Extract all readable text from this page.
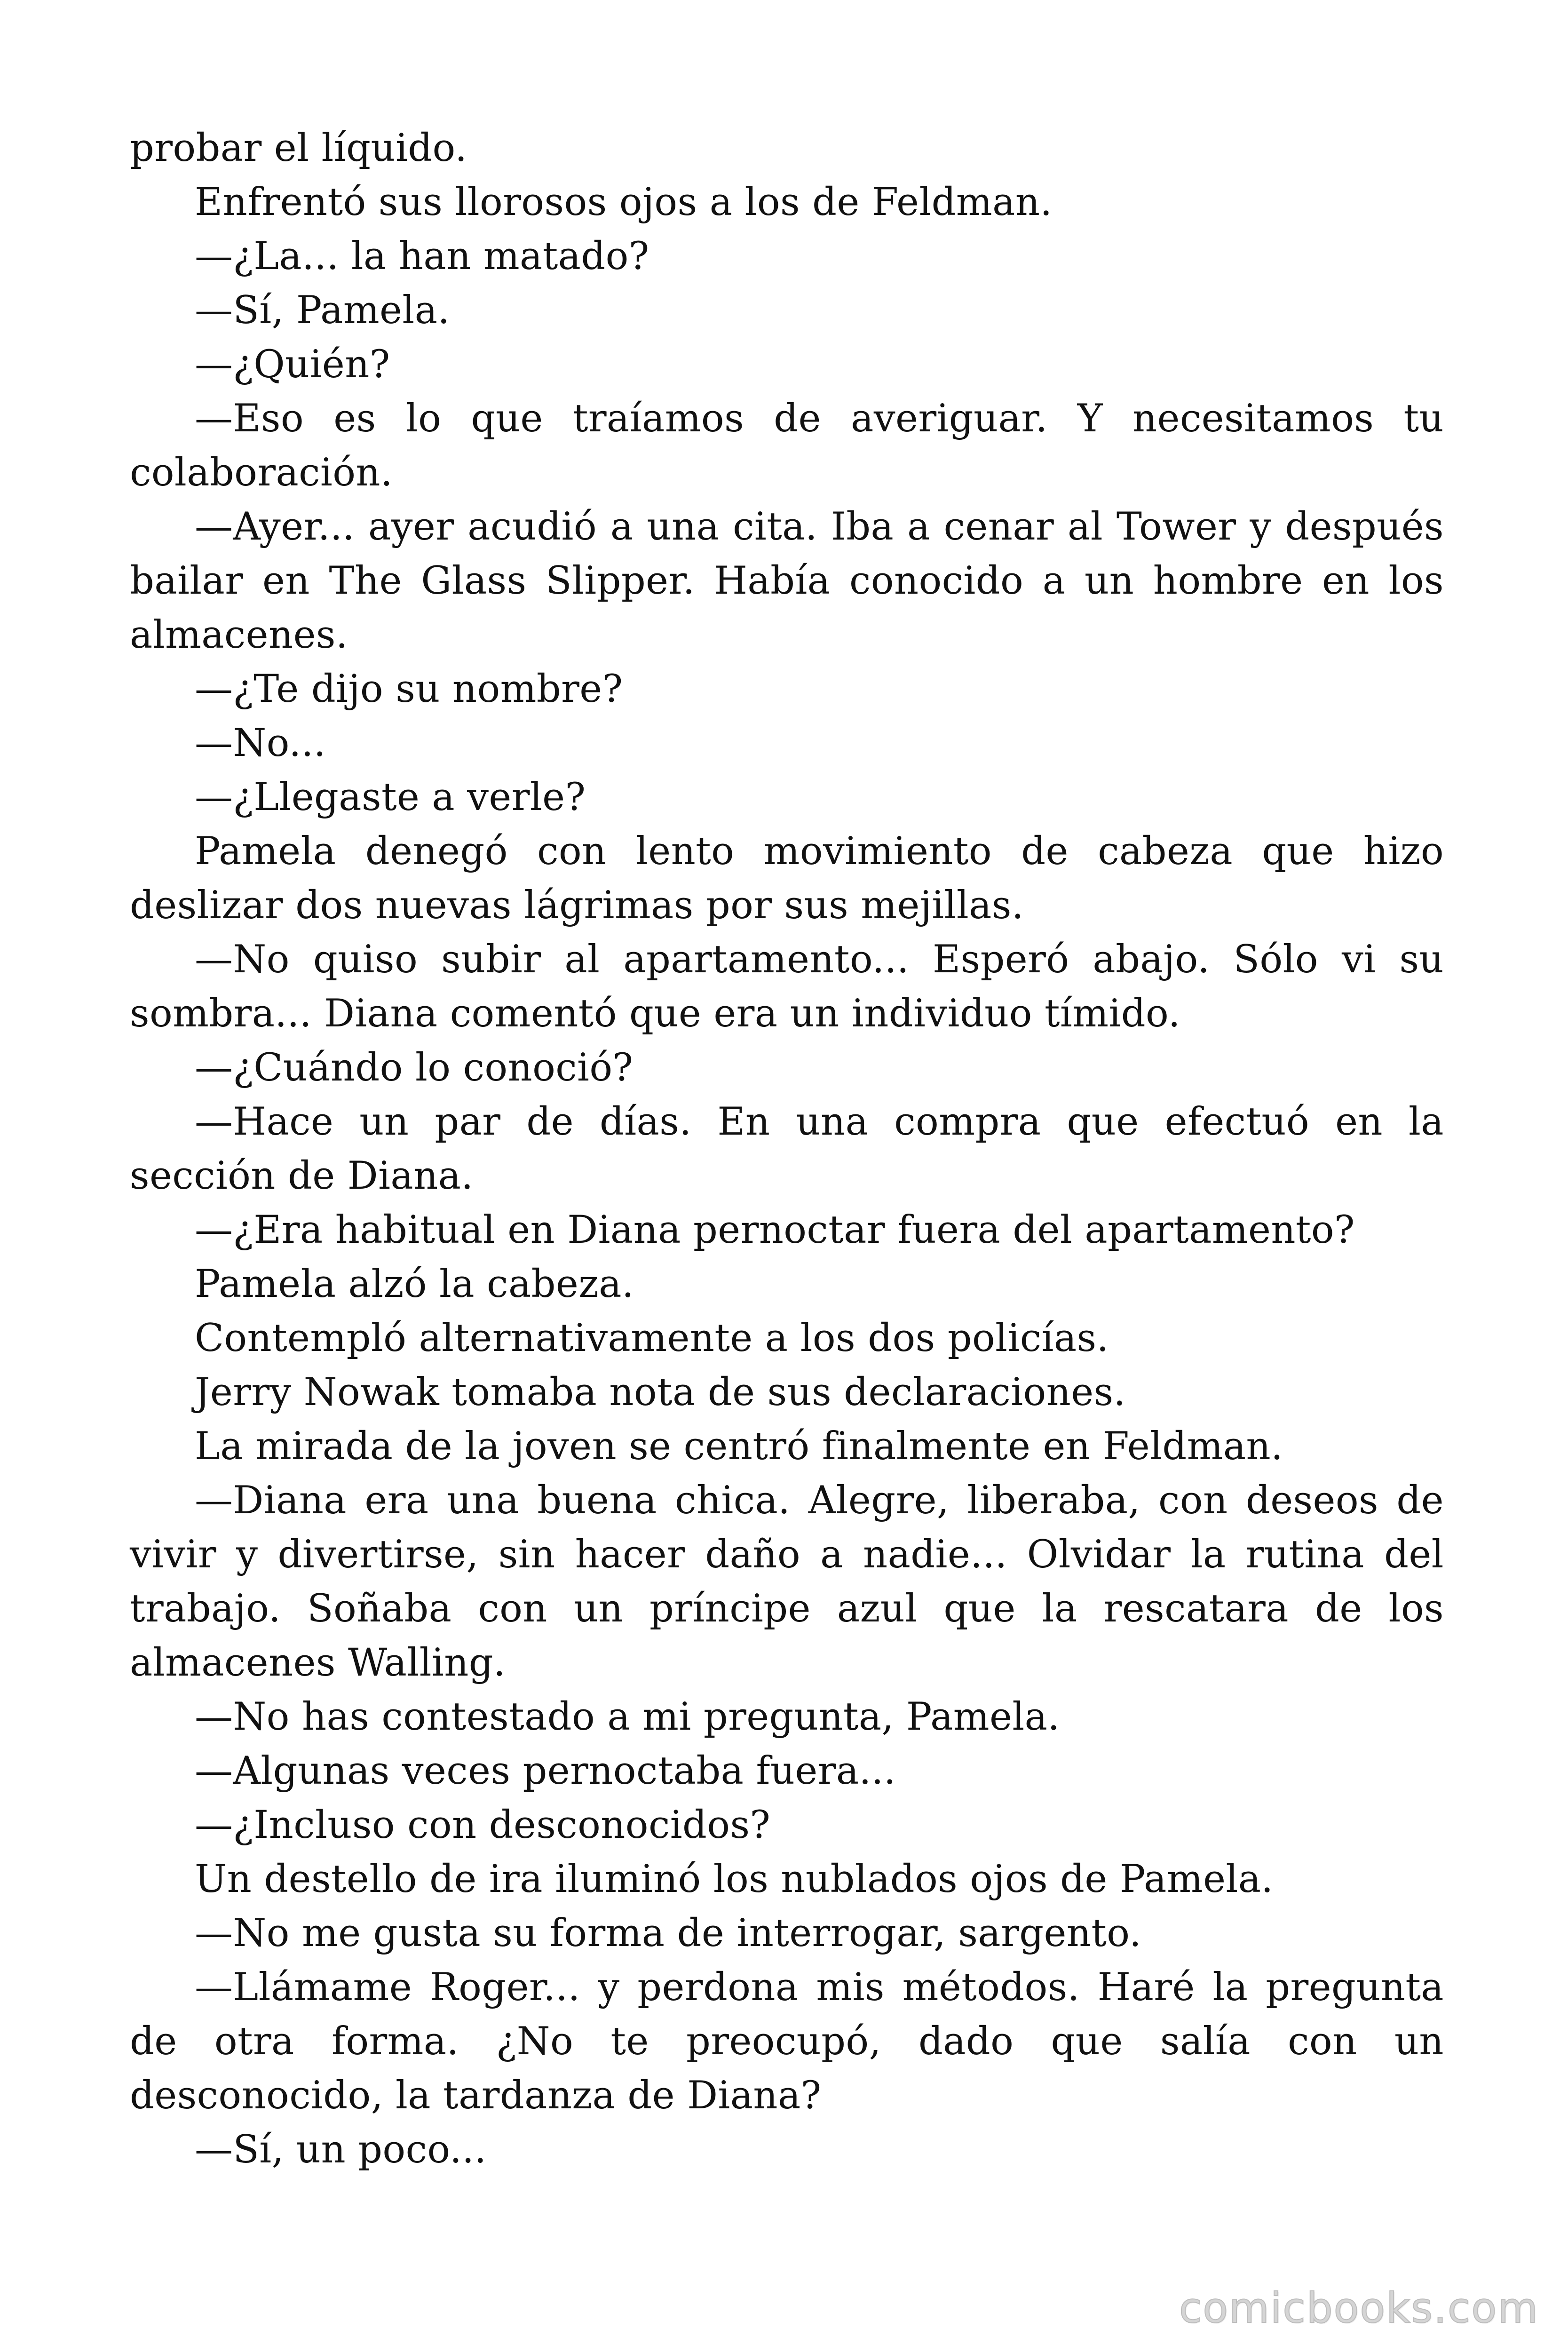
probar el líquido.

Enfrentó sus llorosos ojos a los de Feldman.

—¿La... la han matado?

—Sí, Pamela.

—¿Quién?

—Eso es lo que traíamos de averiguar. Y necesitamos tu colaboración.

—Ayer... ayer acudió a una cita. Iba a cenar al Tower y después bailar en The Glass Slipper. Había conocido a un hombre en los almacenes.

—¿Te dijo su nombre?

—No...

—¿Llegaste a verle?

Pamela denegó con lento movimiento de cabeza que hizo deslizar dos nuevas lágrimas por sus mejillas.

—No quiso subir al apartamento... Esperó abajo. Sólo vi su sombra... Diana comentó que era un individuo tímido.

—¿Cuándo lo conoció?

—Hace un par de días. En una compra que efectuó en la sección de Diana.

—¿Era habitual en Diana pernoctar fuera del apartamento?

Pamela alzó la cabeza.

Contempló alternativamente a los dos policías.

Jerry Nowak tomaba nota de sus declaraciones.

La mirada de la joven se centró finalmente en Feldman.

—Diana era una buena chica. Alegre, liberaba, con deseos de vivir y divertirse, sin hacer daño a nadie... Olvidar la rutina del trabajo. Soñaba con un príncipe azul que la rescatara de los almacenes Walling.

—No has contestado a mi pregunta, Pamela.

—Algunas veces pernoctaba fuera...

—¿Incluso con desconocidos?

Un destello de ira iluminó los nublados ojos de Pamela.

—No me gusta su forma de interrogar, sargento.

—Llámame Roger... y perdona mis métodos. Haré la pregunta de otra forma. ¿No te preocupó, dado que salía con un desconocido, la tardanza de Diana?

—Sí, un poco...

comicbooks.com
